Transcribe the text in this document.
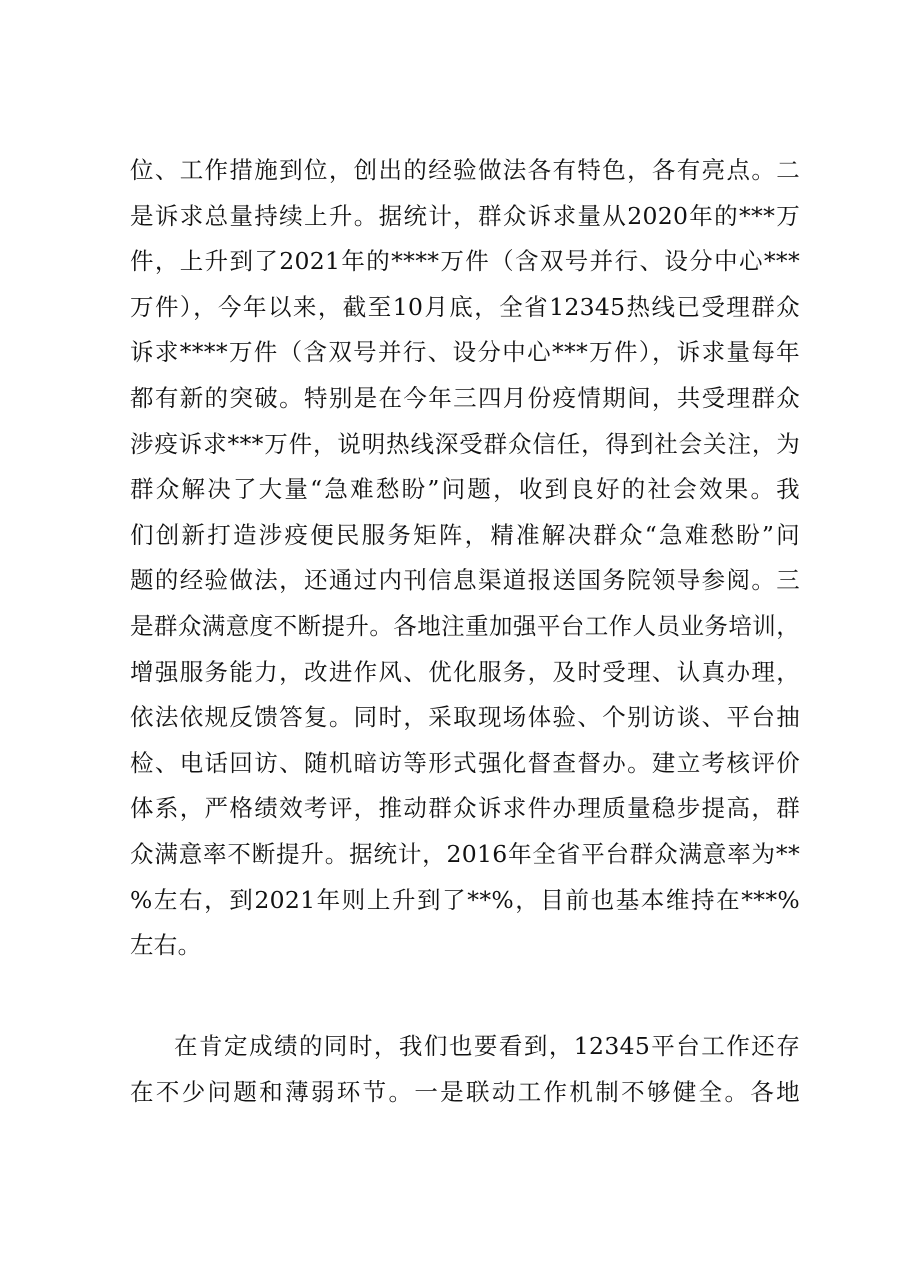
位、工作措施到位，创出的经验做法各有特色，各有亮点。二
是诉求总量持续上升。据统计，群众诉求量从2020年的***万
件，上升到了2021年的****万件（含双号并行、设分中心***
万件），今年以来，截至10月底，全省12345热线已受理群众
诉求****万件（含双号并行、设分中心***万件），诉求量每年
都有新的突破。特别是在今年三四月份疫情期间，共受理群众
涉疫诉求***万件，说明热线深受群众信任，得到社会关注，为
群众解决了大量“急难愁盼”问题，收到良好的社会效果。我
们创新打造涉疫便民服务矩阵，精准解决群众“急难愁盼”问
题的经验做法，还通过内刊信息渠道报送国务院领导参阅。三
是群众满意度不断提升。各地注重加强平台工作人员业务培训，
增强服务能力，改进作风、优化服务，及时受理、认真办理，
依法依规反馈答复。同时，采取现场体验、个别访谈、平台抽
检、电话回访、随机暗访等形式强化督查督办。建立考核评价
体系，严格绩效考评，推动群众诉求件办理质量稳步提高，群
众满意率不断提升。据统计，2016年全省平台群众满意率为**
%左右，到2021年则上升到了**%，目前也基本维持在***%
左右。
在肯定成绩的同时，我们也要看到，12345平台工作还存
在不少问题和薄弱环节。一是联动工作机制不够健全。各地
